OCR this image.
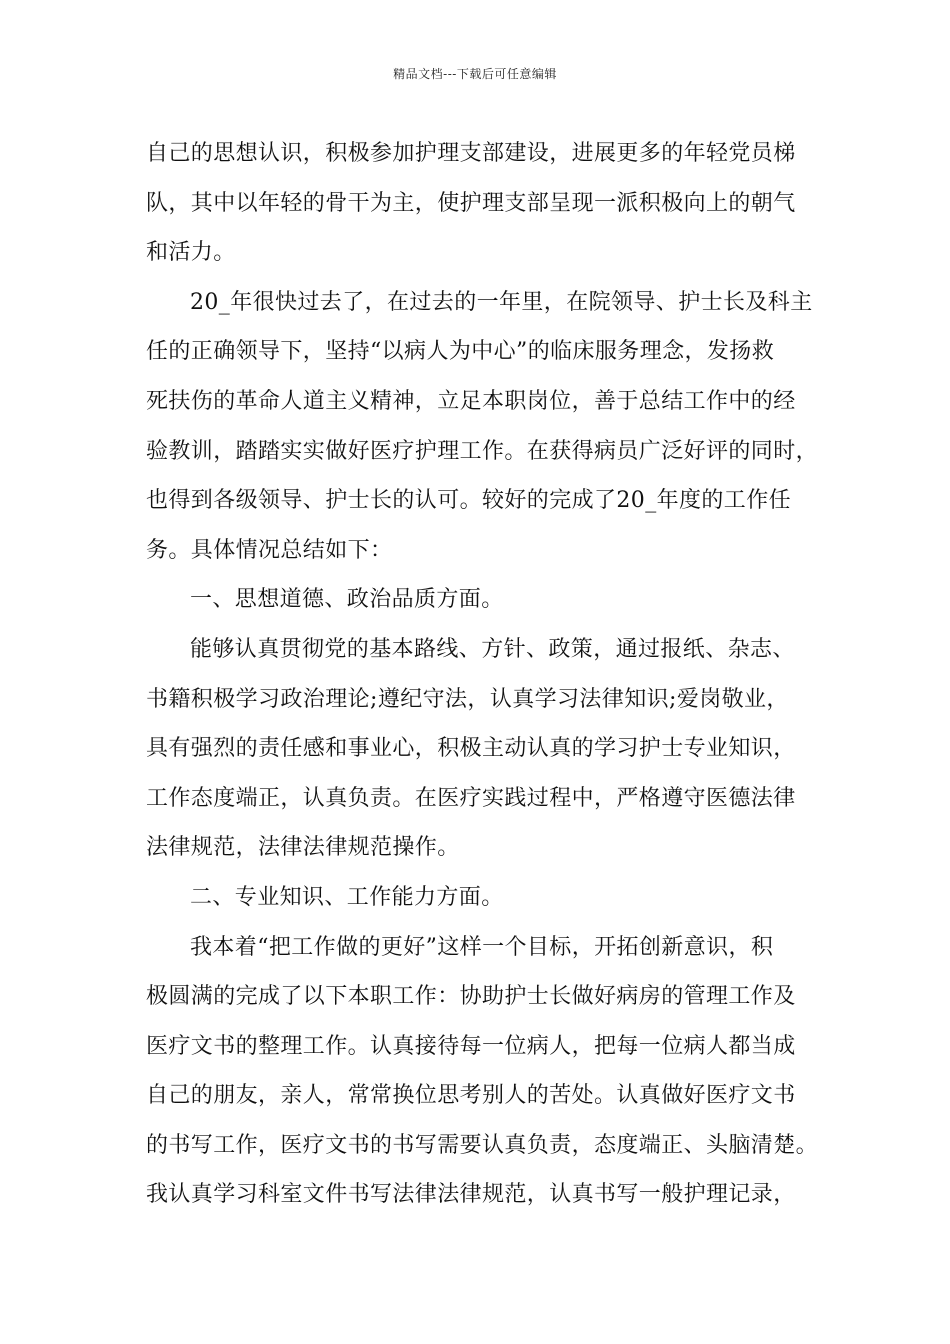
精品文档---下载后可任意编辑
自己的思想认识，积极参加护理支部建设，进展更多的年轻党员梯
队，其中以年轻的骨干为主，使护理支部呈现一派积极向上的朝气
和活力。
20_年很快过去了，在过去的一年里，在院领导、护士长及科主
任的正确领导下，坚持“以病人为中心”的临床服务理念，发扬救
死扶伤的革命人道主义精神，立足本职岗位，善于总结工作中的经
验教训，踏踏实实做好医疗护理工作。在获得病员广泛好评的同时，
也得到各级领导、护士长的认可。较好的完成了20_年度的工作任
务。具体情况总结如下：
一、思想道德、政治品质方面。
能够认真贯彻党的基本路线、方针、政策，通过报纸、杂志、
书籍积极学习政治理论;遵纪守法，认真学习法律知识;爱岗敬业，
具有强烈的责任感和事业心，积极主动认真的学习护士专业知识，
工作态度端正，认真负责。在医疗实践过程中，严格遵守医德法律
法律规范，法律法律规范操作。
二、专业知识、工作能力方面。
我本着“把工作做的更好”这样一个目标，开拓创新意识，积
极圆满的完成了以下本职工作：协助护士长做好病房的管理工作及
医疗文书的整理工作。认真接待每一位病人，把每一位病人都当成
自己的朋友，亲人，常常换位思考别人的苦处。认真做好医疗文书
的书写工作，医疗文书的书写需要认真负责，态度端正、头脑清楚。
我认真学习科室文件书写法律法律规范，认真书写一般护理记录，
